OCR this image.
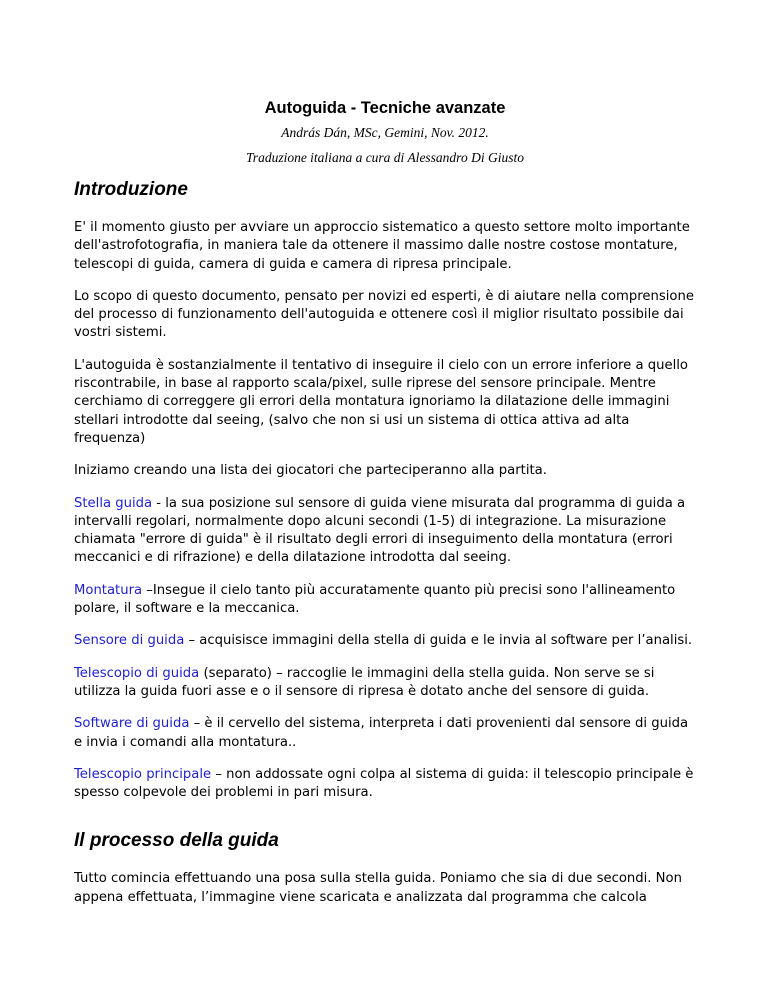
Autoguida - Tecniche avanzate

András Dán, MSc, Gemini, Nov. 2012.

Traduzione italiana a cura di Alessandro Di Giusto

Introduzione

E' il momento giusto per avviare un approccio sistematico a questo settore molto importante dell'astrofotografia, in maniera tale da ottenere il massimo dalle nostre costose montature, telescopi di guida, camera di guida e camera di ripresa principale.

Lo scopo di questo documento, pensato per novizi ed esperti, è di aiutare nella comprensione del processo di funzionamento dell'autoguida e ottenere così il miglior risultato possibile dai vostri sistemi.

L'autoguida è sostanzialmente il tentativo di inseguire il cielo con un errore inferiore a quello riscontrabile, in base al rapporto scala/pixel, sulle riprese del sensore principale. Mentre cerchiamo di correggere gli errori della montatura ignoriamo la dilatazione delle immagini stellari introdotte dal seeing, (salvo che non si usi un sistema di ottica attiva ad alta frequenza)

Iniziamo creando una lista dei giocatori che parteciperanno alla partita.

Stella guida - la sua posizione sul sensore di guida viene misurata dal programma di guida a intervalli regolari, normalmente dopo alcuni secondi (1-5) di integrazione. La misurazione chiamata "errore di guida" è il risultato degli errori di inseguimento della montatura (errori meccanici e di rifrazione) e della dilatazione introdotta dal seeing.

Montatura –Insegue il cielo tanto più accuratamente quanto più precisi sono l'allineamento polare, il software e la meccanica.

Sensore di guida – acquisisce immagini della stella di guida e le invia al software per l’analisi.

Telescopio di guida (separato) – raccoglie le immagini della stella guida. Non serve se si utilizza la guida fuori asse e o il sensore di ripresa è dotato anche del sensore di guida.

Software di guida – è il cervello del sistema, interpreta i dati provenienti dal sensore di guida e invia i comandi alla montatura..

Telescopio principale – non addossate ogni colpa al sistema di guida: il telescopio principale è spesso colpevole dei problemi in pari misura.

Il processo della guida

Tutto comincia effettuando una posa sulla stella guida. Poniamo che sia di due secondi. Non appena effettuata, l’immagine viene scaricata e analizzata dal programma che calcola
